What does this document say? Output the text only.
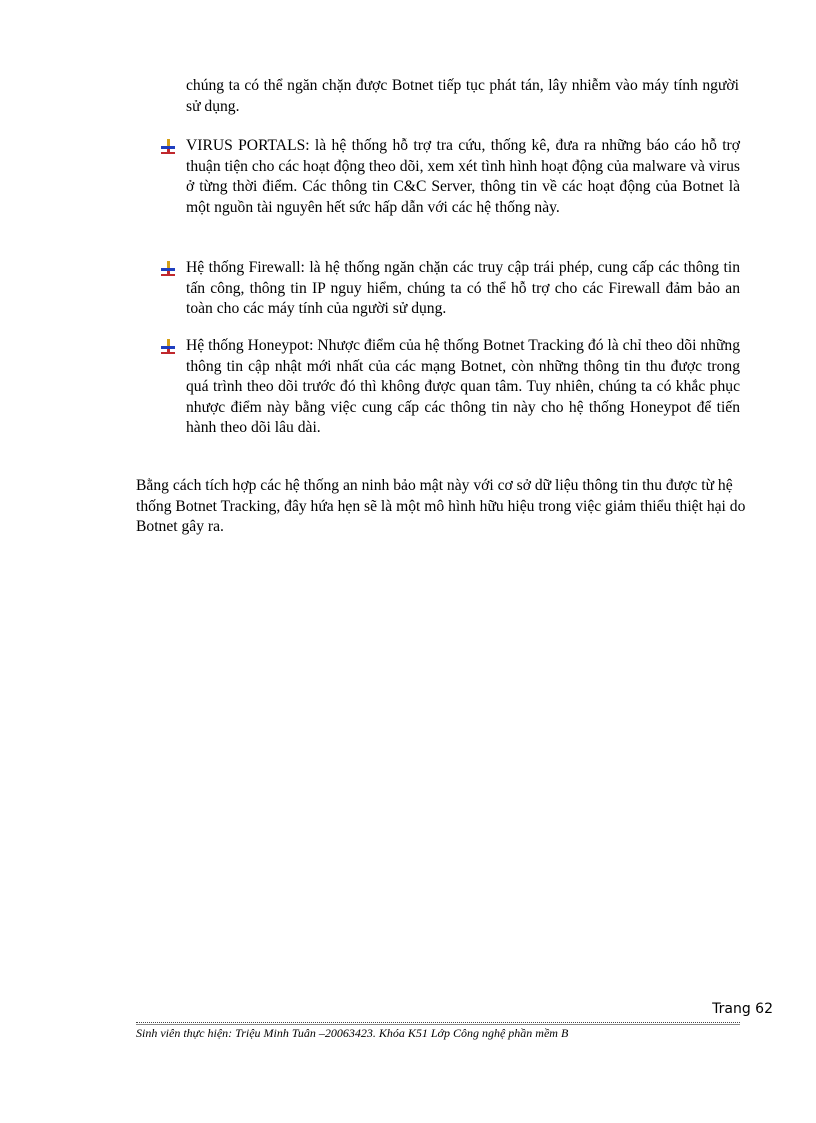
chúng ta có thể ngăn chặn được Botnet tiếp tục phát tán, lây nhiễm vào máy tính người sử dụng.
VIRUS PORTALS: là hệ thống hỗ trợ tra cứu, thống kê, đưa ra những báo cáo hỗ trợ thuận tiện cho các hoạt động theo dõi, xem xét tình hình hoạt động của malware và virus ở từng thời điểm. Các thông tin C&C Server, thông tin về các hoạt động của Botnet là một nguồn tài nguyên hết sức hấp dẫn với các hệ thống này.
Hệ thống Firewall: là hệ thống ngăn chặn các truy cập trái phép, cung cấp các thông tin tấn công, thông tin IP nguy hiểm, chúng ta có thể hỗ trợ cho các Firewall đảm bảo an toàn cho các máy tính của người sử dụng.
Hệ thống Honeypot: Nhược điểm của hệ thống Botnet Tracking đó là chỉ theo dõi những thông tin cập nhật mới nhất của các mạng Botnet, còn những thông tin thu được trong quá trình theo dõi trước đó thì không được quan tâm. Tuy nhiên, chúng ta có khắc phục nhược điểm này bằng việc cung cấp các thông tin này cho hệ thống Honeypot để tiến hành theo dõi lâu dài.
Bằng cách tích hợp các hệ thống an ninh bảo mật này với cơ sở dữ liệu thông tin thu được từ hệ thống Botnet Tracking, đây hứa hẹn sẽ là một mô hình hữu hiệu trong việc giảm thiểu thiệt hại do Botnet gây ra.
Trang 62
Sinh viên thực hiện: Triệu Minh Tuân –20063423. Khóa K51 Lớp Công nghệ phần mềm B
